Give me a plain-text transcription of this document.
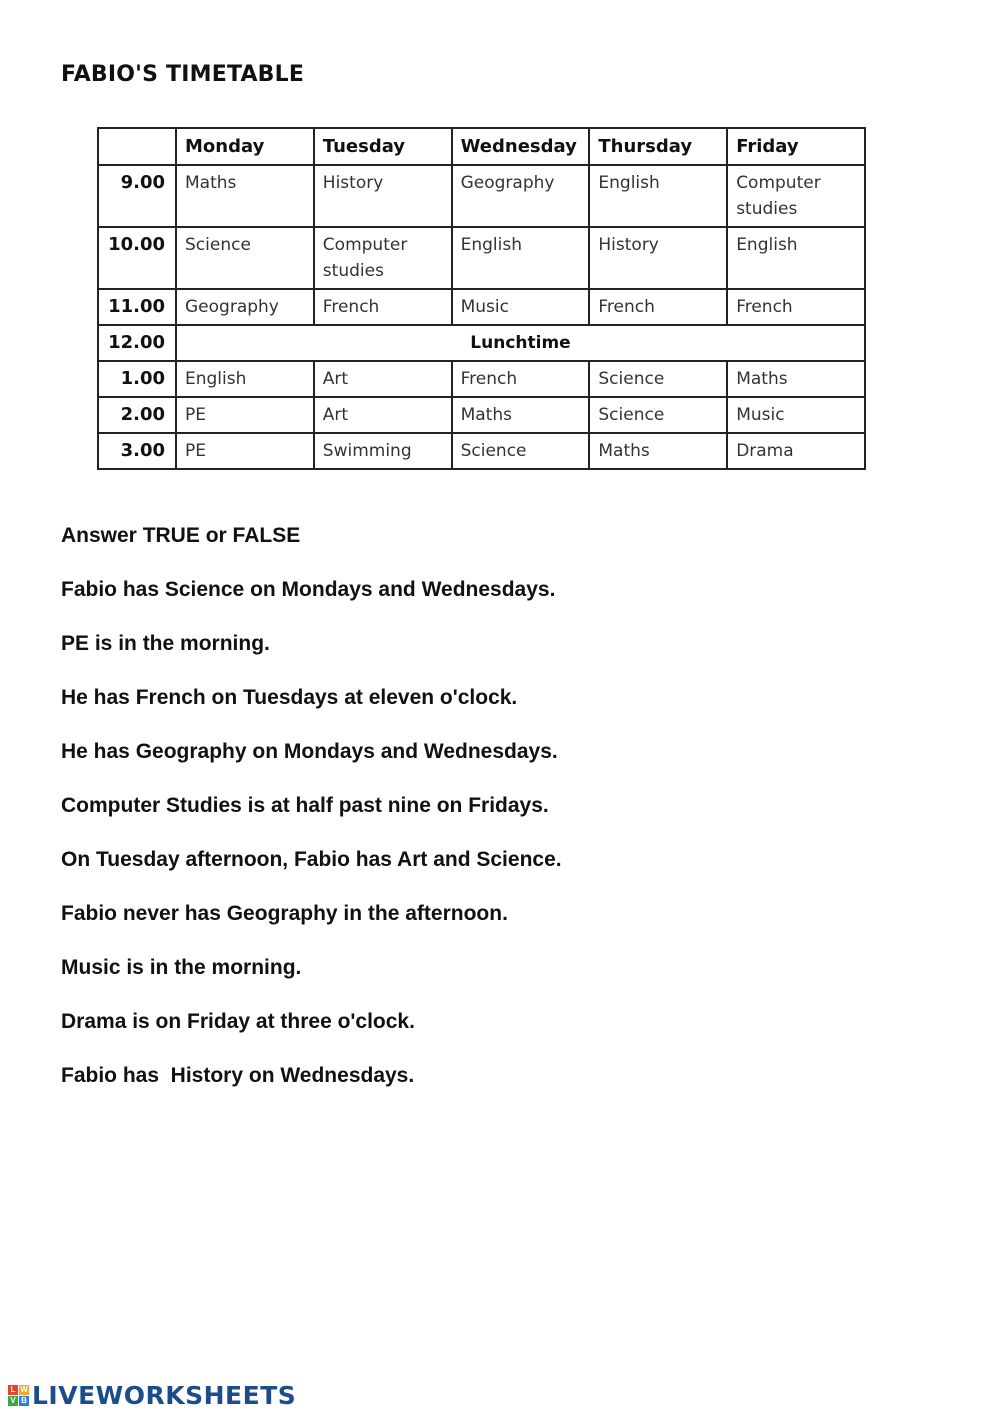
FABIO'S TIMETABLE
	Monday	Tuesday	Wednesday	Thursday	Friday
9.00	Maths	History	Geography	English	Computer studies
10.00	Science	Computer studies	English	History	English
11.00	Geography	French	Music	French	French
12.00	Lunchtime				
1.00	English	Art	French	Science	Maths
2.00	PE	Art	Maths	Science	Music
3.00	PE	Swimming	Science	Maths	Drama
Answer TRUE or FALSE
Fabio has Science on Mondays and Wednesdays.
PE is in the morning.
He has French on Tuesdays at eleven o'clock.
He has Geography on Mondays and Wednesdays.
Computer Studies is at half past nine on Fridays.
On Tuesday afternoon, Fabio has Art and Science.
Fabio never has Geography in the afternoon.
Music is in the morning.
Drama is on Friday at three o'clock.
Fabio has  History on Wednesdays.
L W
V B LIVEWORKSHEETS
